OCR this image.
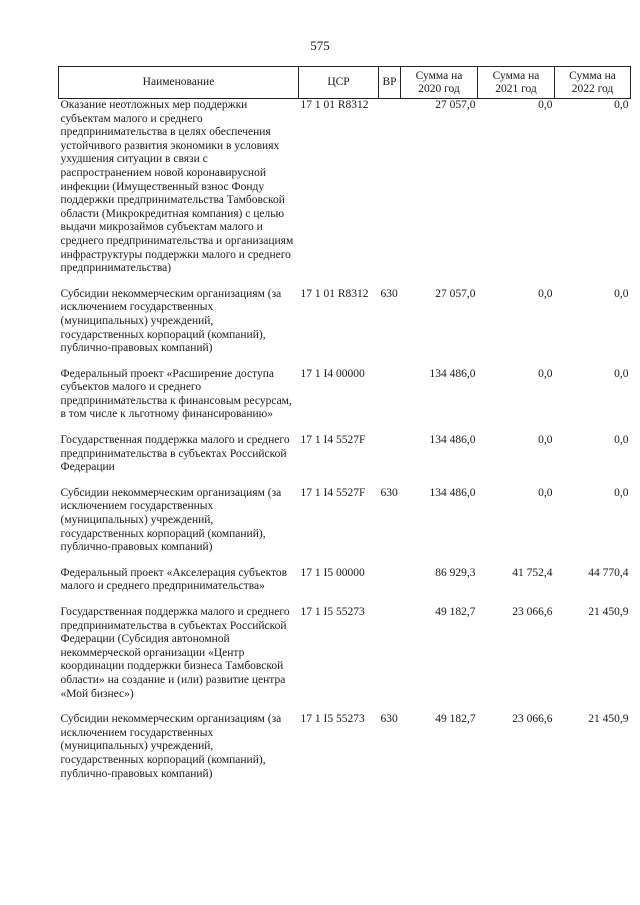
575
Наименование	ЦСР	ВР	Сумма на 2020 год	Сумма на 2021 год	Сумма на 2022 год
Оказание неотложных мер поддержки субъектам малого и среднего предпринимательства в целях обеспечения устойчивого развития экономики в условиях ухудшения ситуации в связи с распространением новой коронавирусной инфекции (Имущественный взнос Фонду поддержки предпринимательства Тамбовской области (Микрокредитная компания) с целью выдачи микрозаймов субъектам малого и среднего предпринимательства и организациям инфраструктуры поддержки малого и среднего предпринимательства)	17 1 01 R8312		27 057,0	0,0	0,0
Субсидии некоммерческим организациям (за исключением государственных (муниципальных) учреждений, государственных корпораций (компаний), публично-правовых компаний)	17 1 01 R8312	630	27 057,0	0,0	0,0
Федеральный проект «Расширение доступа субъектов малого и среднего предпринимательства к финансовым ресурсам, в том числе к льготному финансированию»	17 1 I4 00000		134 486,0	0,0	0,0
Государственная поддержка малого и среднего предпринимательства в субъектах Российской Федерации	17 1 I4 5527F		134 486,0	0,0	0,0
Субсидии некоммерческим организациям (за исключением государственных (муниципальных) учреждений, государственных корпораций (компаний), публично-правовых компаний)	17 1 I4 5527F	630	134 486,0	0,0	0,0
Федеральный проект «Акселерация субъектов малого и среднего предпринимательства»	17 1 I5 00000		86 929,3	41 752,4	44 770,4
Государственная поддержка малого и среднего предпринимательства в субъектах Российской Федерации (Субсидия автономной некоммерческой организации «Центр координации поддержки бизнеса Тамбовской области» на создание и (или) развитие центра «Мой бизнес»)	17 1 I5 55273		49 182,7	23 066,6	21 450,9
Субсидии некоммерческим организациям (за исключением государственных (муниципальных) учреждений, государственных корпораций (компаний), публично-правовых компаний)	17 1 I5 55273	630	49 182,7	23 066,6	21 450,9
